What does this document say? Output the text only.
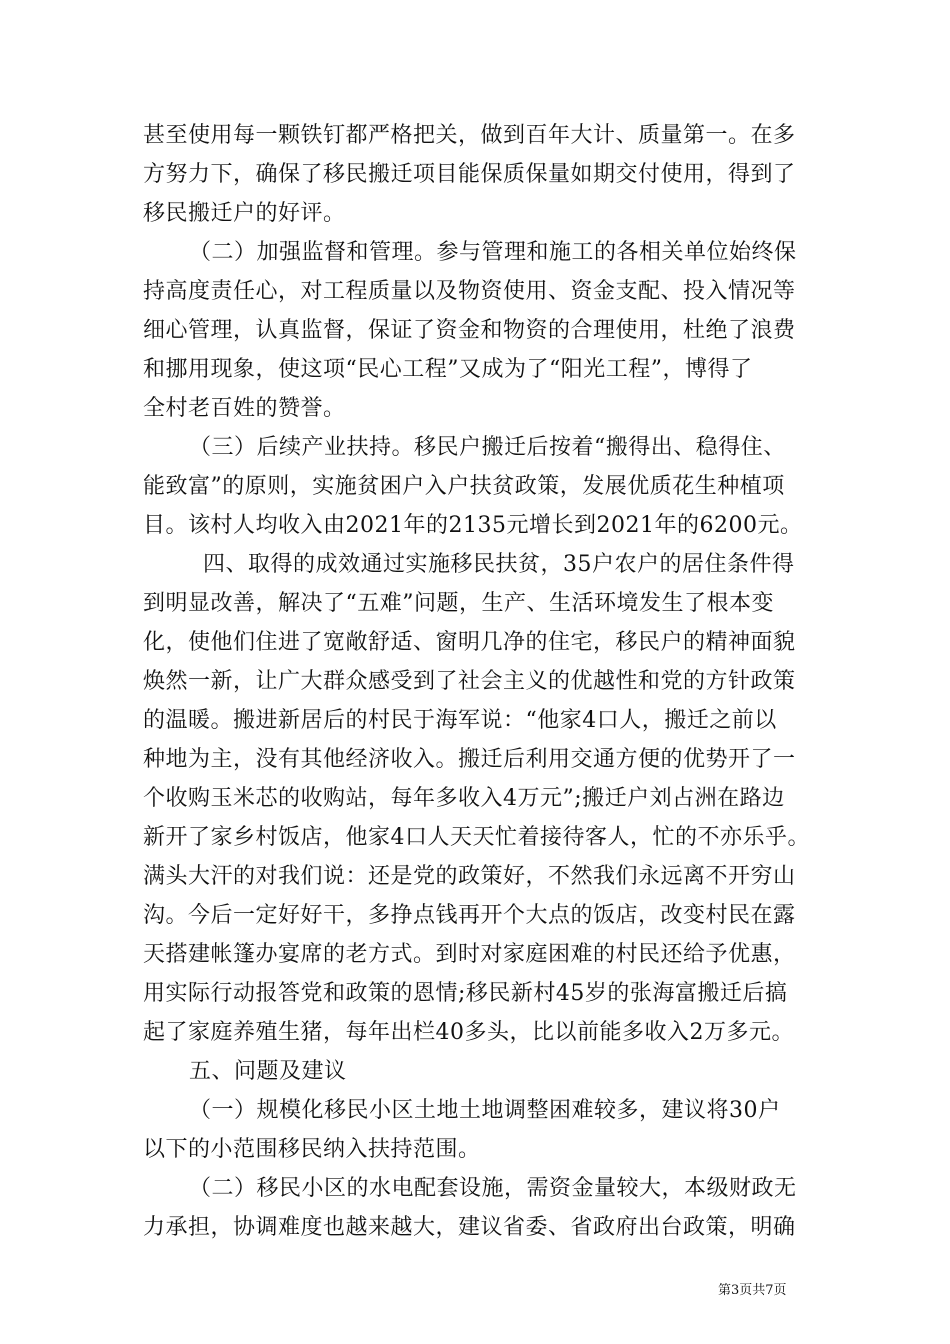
甚至使用每一颗铁钉都严格把关，做到百年大计、质量第一。在多
方努力下，确保了移民搬迁项目能保质保量如期交付使用，得到了
移民搬迁户的好评。
（二）加强监督和管理。参与管理和施工的各相关单位始终保
持高度责任心，对工程质量以及物资使用、资金支配、投入情况等
细心管理，认真监督，保证了资金和物资的合理使用，杜绝了浪费
和挪用现象，使这项“民心工程”又成为了“阳光工程”，博得了
全村老百姓的赞誉。
（三）后续产业扶持。移民户搬迁后按着“搬得出、稳得住、
能致富”的原则，实施贫困户入户扶贫政策，发展优质花生种植项
目。该村人均收入由2021年的2135元增长到2021年的6200元。
四、取得的成效通过实施移民扶贫，35户农户的居住条件得
到明显改善，解决了“五难”问题，生产、生活环境发生了根本变
化，使他们住进了宽敞舒适、窗明几净的住宅，移民户的精神面貌
焕然一新，让广大群众感受到了社会主义的优越性和党的方针政策
的温暖。搬进新居后的村民于海军说：“他家4口人，搬迁之前以
种地为主，没有其他经济收入。搬迁后利用交通方便的优势开了一
个收购玉米芯的收购站，每年多收入4万元”;搬迁户刘占洲在路边
新开了家乡村饭店，他家4口人天天忙着接待客人，忙的不亦乐乎。
满头大汗的对我们说：还是党的政策好，不然我们永远离不开穷山
沟。今后一定好好干，多挣点钱再开个大点的饭店，改变村民在露
天搭建帐篷办宴席的老方式。到时对家庭困难的村民还给予优惠，
用实际行动报答党和政策的恩情;移民新村45岁的张海富搬迁后搞
起了家庭养殖生猪，每年出栏40多头，比以前能多收入2万多元。
五、问题及建议
（一）规模化移民小区土地土地调整困难较多，建议将30户
以下的小范围移民纳入扶持范围。
（二）移民小区的水电配套设施，需资金量较大，本级财政无
力承担，协调难度也越来越大，建议省委、省政府出台政策，明确
第3页共7页
